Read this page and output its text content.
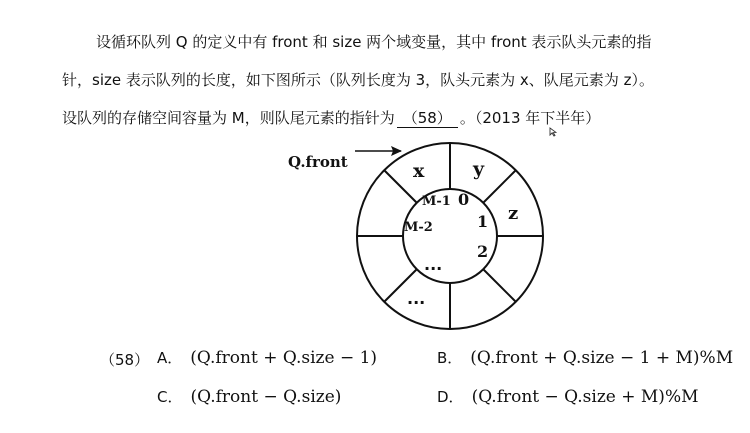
设循环队列 Q 的定义中有 front 和 size 两个域变量，其中 front 表示队头元素的指
针，size 表示队列的长度，如下图所示（队列长度为 3，队头元素为 x、队尾元素为 z）。
设队列的存储空间容量为 M，则队尾元素的指针为 （58） 。（2013 年下半年）
Q.front	x	y
z
M-1 0
M-2	1
2
...
...
（58） A． (Q.front + Q.size − 1)	B． (Q.front + Q.size − 1 + M)%M
C． (Q.front − Q.size)	D． (Q.front − Q.size + M)%M
